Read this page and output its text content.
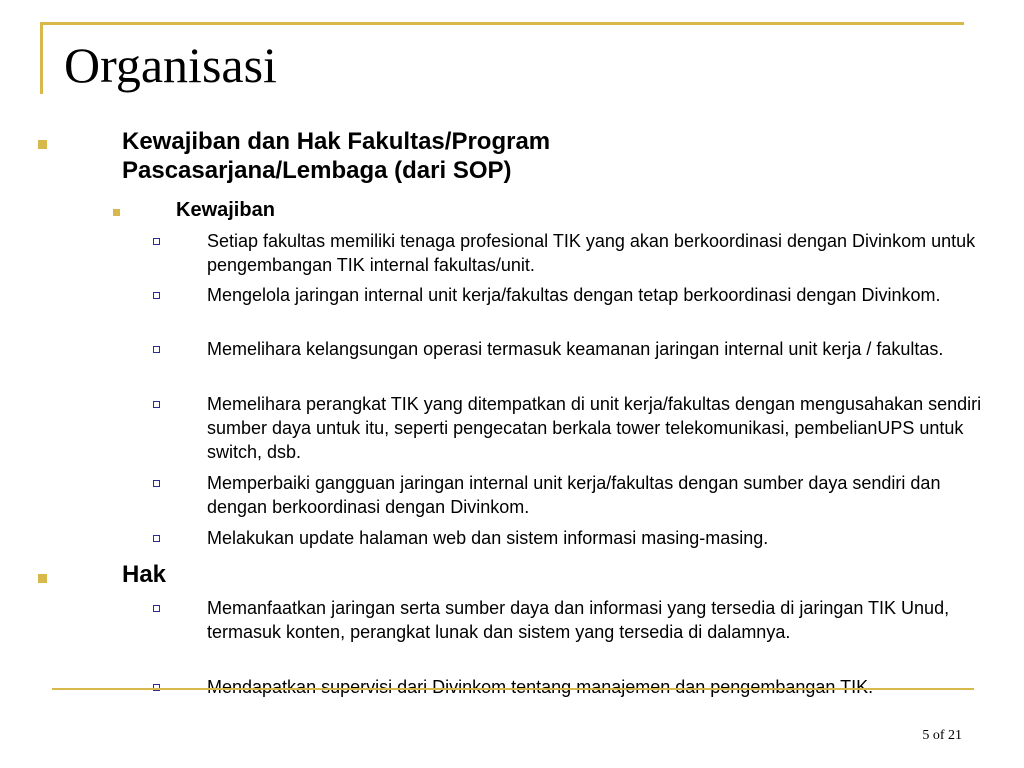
Organisasi
Kewajiban dan Hak Fakultas/Program Pascasarjana/Lembaga (dari SOP)
Kewajiban
Setiap fakultas memiliki tenaga profesional TIK yang akan berkoordinasi dengan Divinkom untuk pengembangan TIK internal fakultas/unit.
Mengelola jaringan internal unit kerja/fakultas dengan tetap berkoordinasi dengan Divinkom.
Memelihara kelangsungan operasi termasuk keamanan jaringan internal unit kerja / fakultas.
Memelihara perangkat TIK yang ditempatkan di unit kerja/fakultas dengan mengusahakan sendiri sumber daya untuk itu, seperti pengecatan berkala tower telekomunikasi, pembelianUPS untuk switch, dsb.
Memperbaiki gangguan jaringan internal unit kerja/fakultas dengan sumber daya sendiri dan dengan berkoordinasi dengan Divinkom.
Melakukan update halaman web dan sistem informasi masing-masing.
Hak
Memanfaatkan jaringan serta sumber daya dan informasi yang tersedia di jaringan TIK Unud, termasuk konten, perangkat lunak dan sistem yang tersedia di dalamnya.
Mendapatkan supervisi dari Divinkom tentang manajemen dan pengembangan TIK.
5 of 21
